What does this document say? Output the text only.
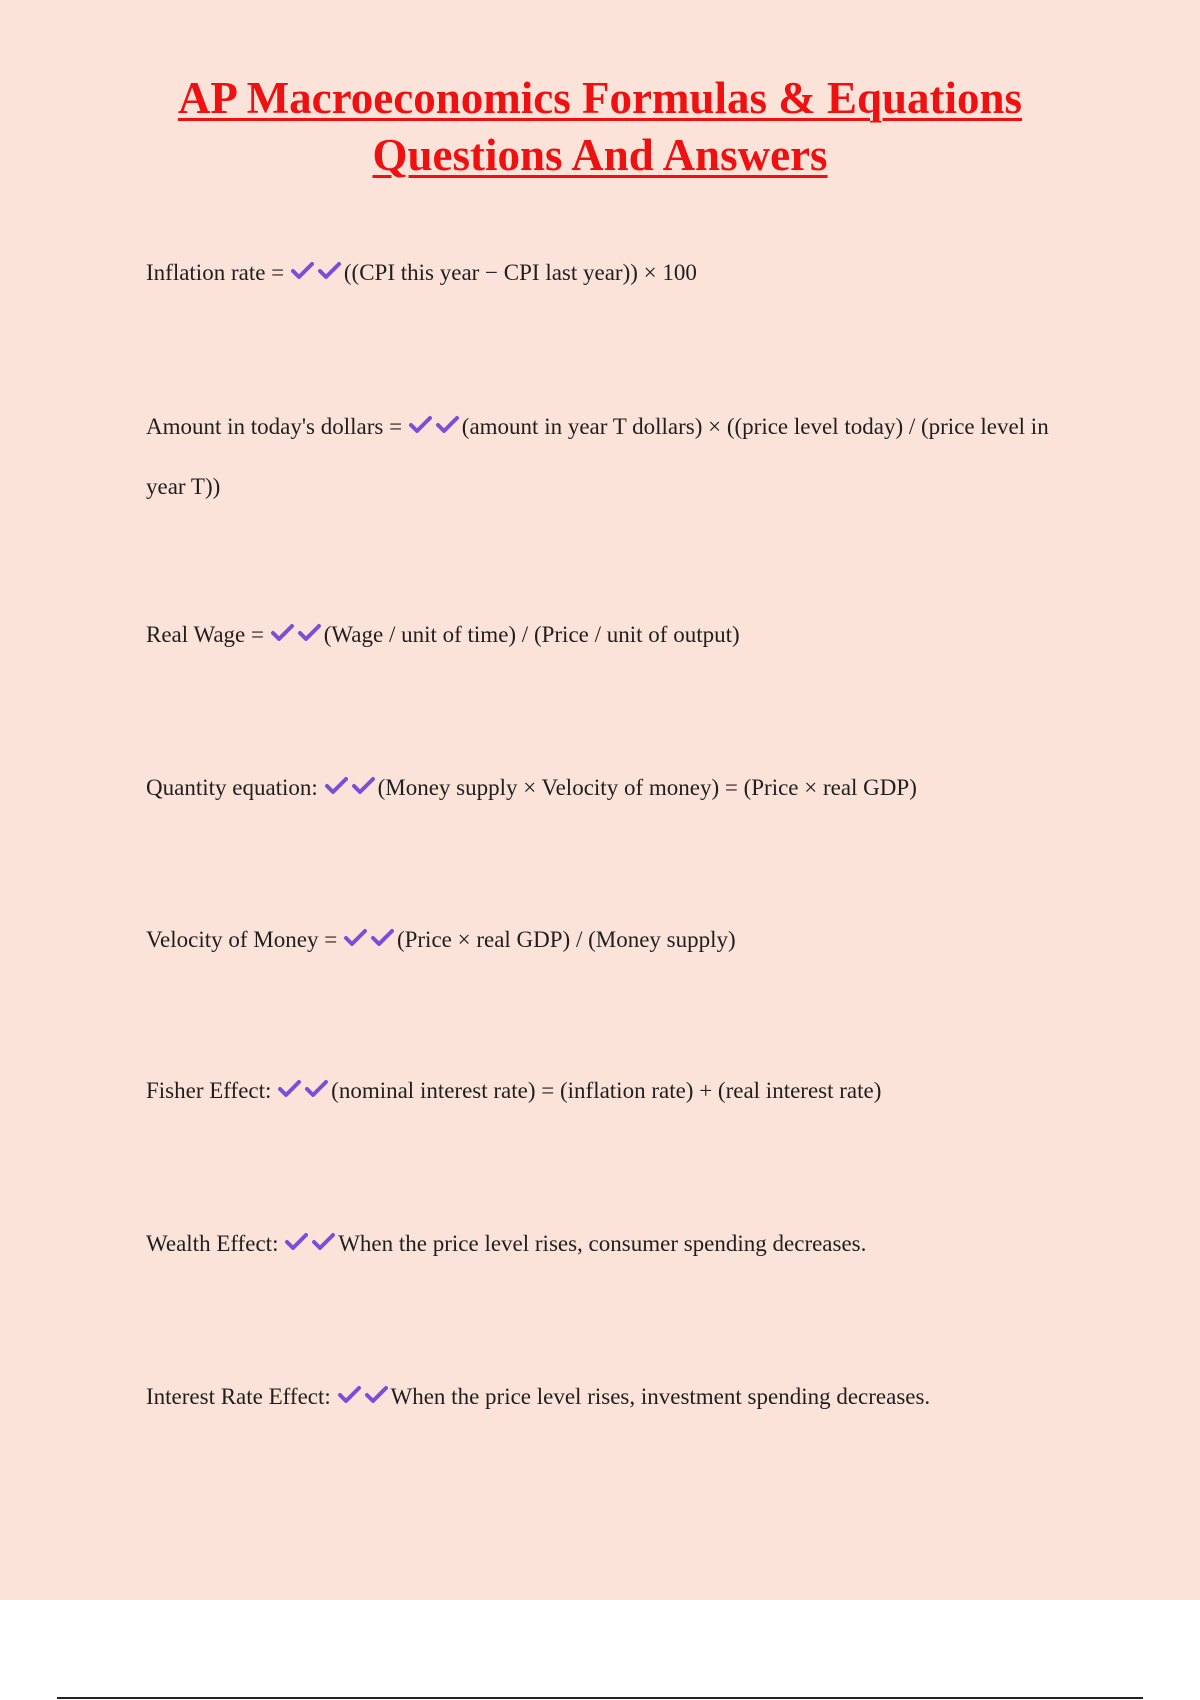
AP Macroeconomics Formulas & Equations
Questions And Answers

Inflation rate =	((CPI this year − CPI last year)) × 100

Amount in today's dollars =	(amount in year T dollars) × ((price level today) / (price level in year T))

Real Wage =	(Wage / unit of time) / (Price / unit of output)

Quantity equation:	(Money supply × Velocity of money) = (Price × real GDP)

Velocity of Money =	(Price × real GDP) / (Money supply)

Fisher Effect:	(nominal interest rate) = (inflation rate) + (real interest rate)

Wealth Effect:	When the price level rises, consumer spending decreases.

Interest Rate Effect:	When the price level rises, investment spending decreases.
